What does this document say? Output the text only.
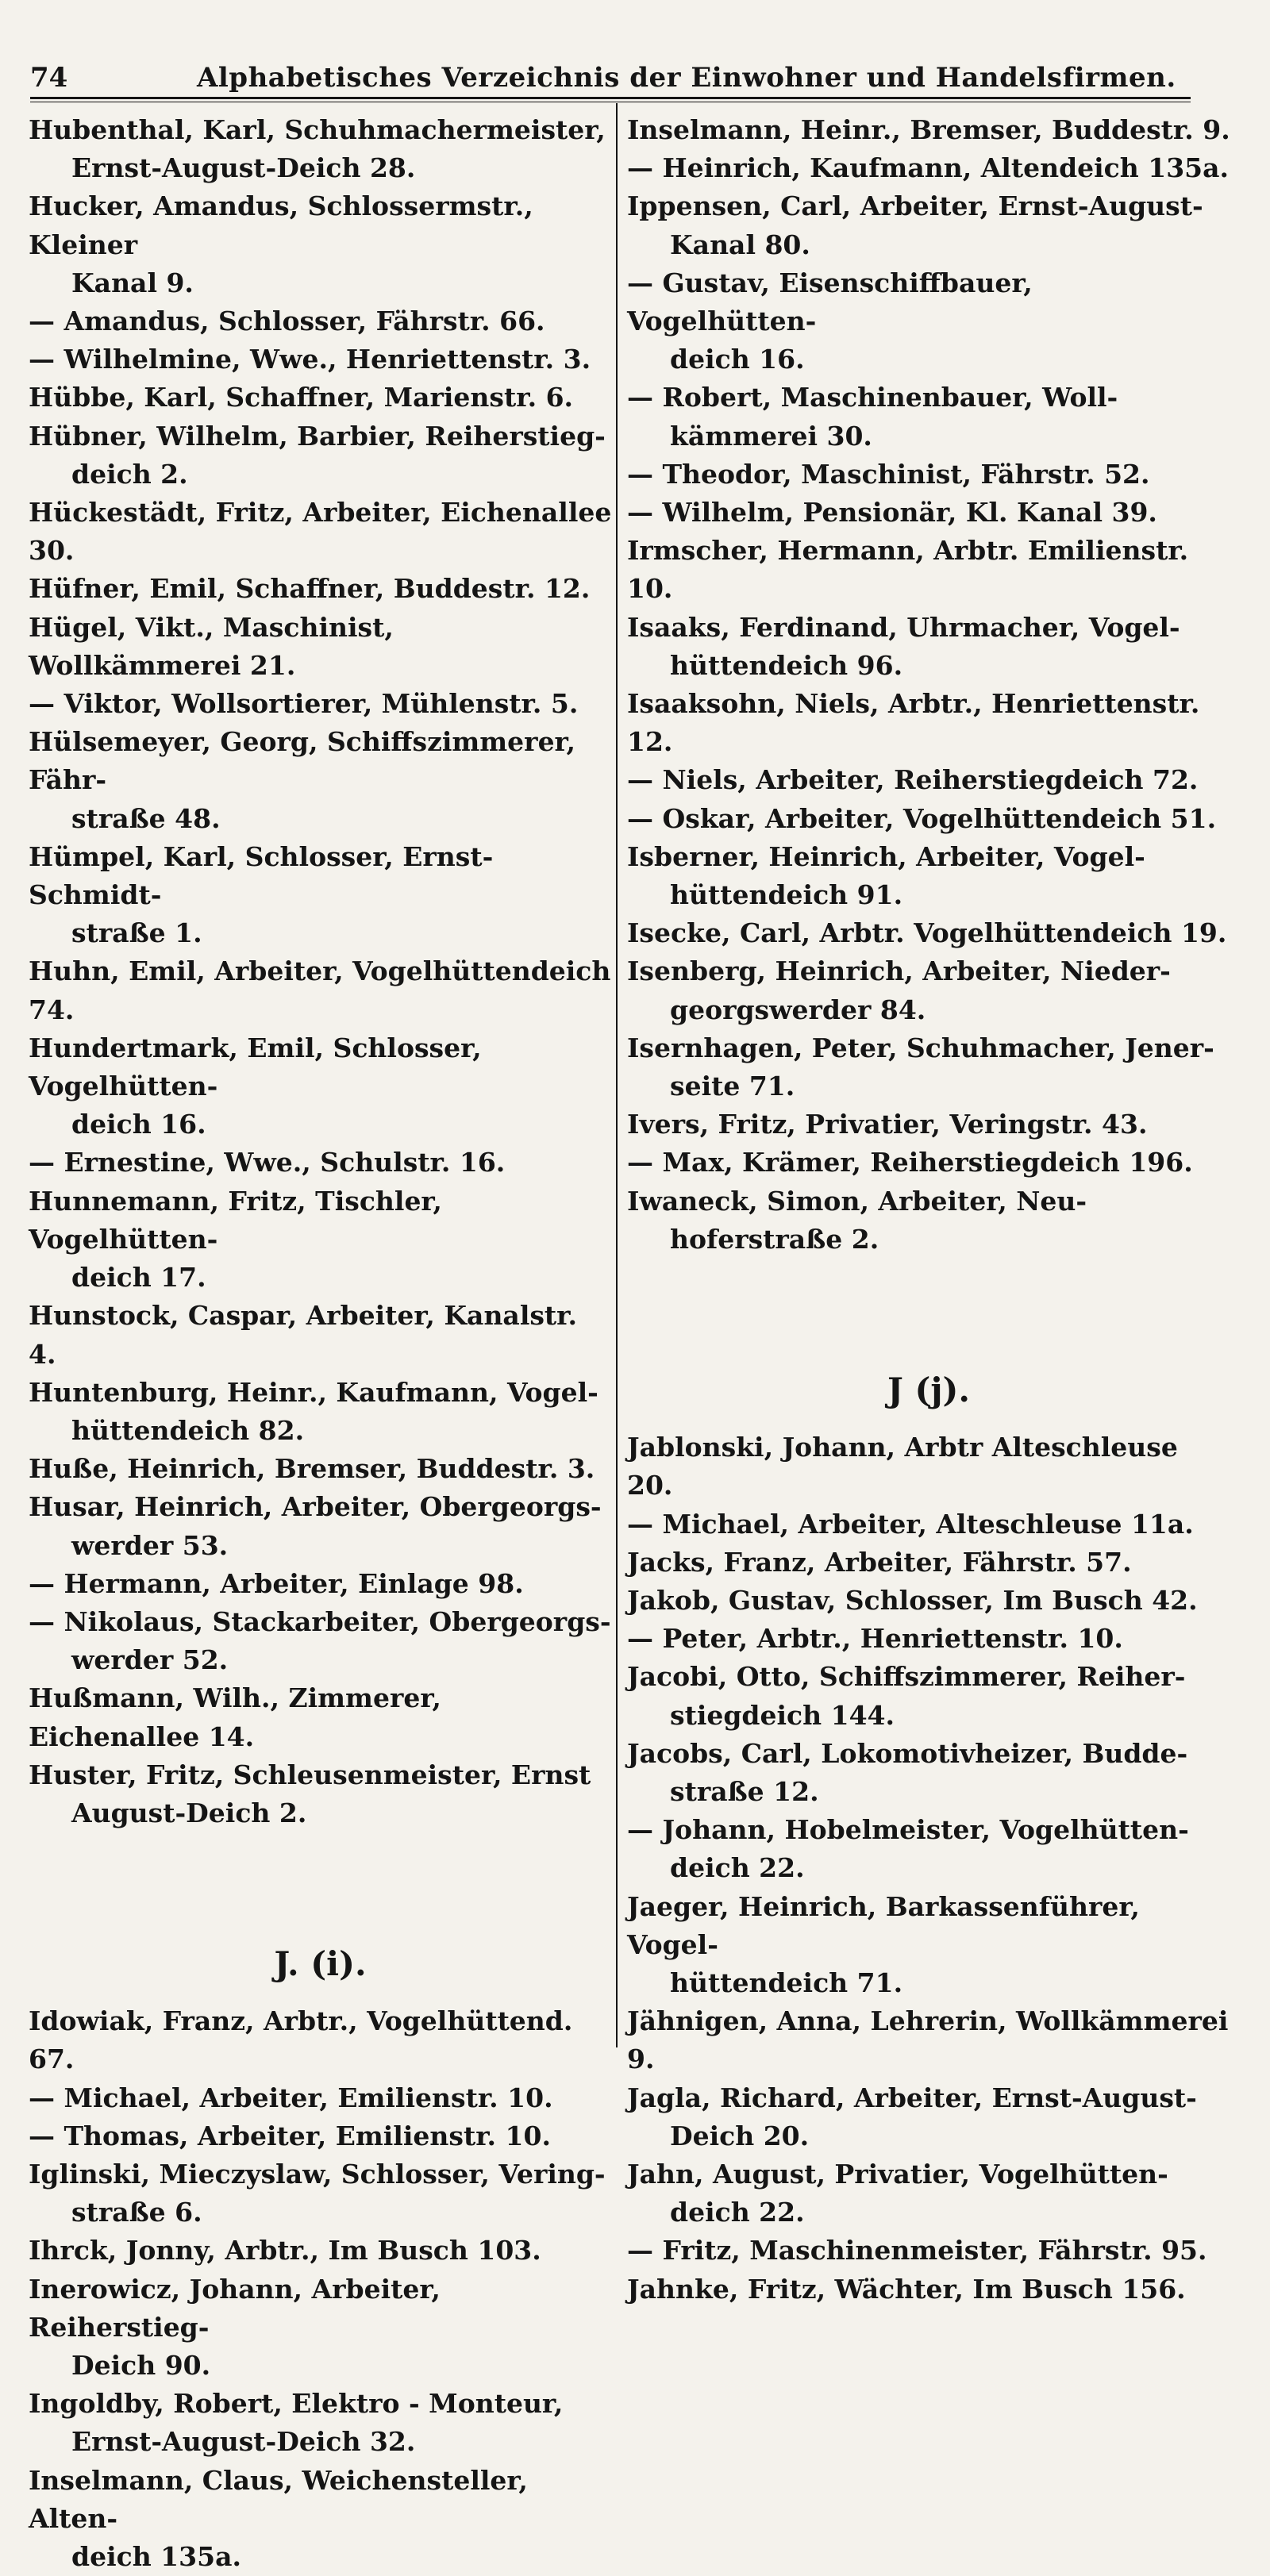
74	Alphabetisches Verzeichnis der Einwohner und Handelsfirmen.
Hubenthal, Karl, Schuhmachermeister,
Ernst-August-Deich 28.
Hucker, Amandus, Schlossermstr., Kleiner
Kanal 9.
— Amandus, Schlosser, Fährstr. 66.
— Wilhelmine, Wwe., Henriettenstr. 3.
Hübbe, Karl, Schaffner, Marienstr. 6.
Hübner, Wilhelm, Barbier, Reiherstieg-
deich 2.
Hückestädt, Fritz, Arbeiter, Eichenallee 30.
Hüfner, Emil, Schaffner, Buddestr. 12.
Hügel, Vikt., Maschinist, Wollkämmerei 21.
— Viktor, Wollsortierer, Mühlenstr. 5.
Hülsemeyer, Georg, Schiffszimmerer, Fähr-
straße 48.
Hümpel, Karl, Schlosser, Ernst-Schmidt-
straße 1.
Huhn, Emil, Arbeiter, Vogelhüttendeich 74.
Hundertmark, Emil, Schlosser, Vogelhütten-
deich 16.
— Ernestine, Wwe., Schulstr. 16.
Hunnemann, Fritz, Tischler, Vogelhütten-
deich 17.
Hunstock, Caspar, Arbeiter, Kanalstr. 4.
Huntenburg, Heinr., Kaufmann, Vogel-
hüttendeich 82.
Huße, Heinrich, Bremser, Buddestr. 3.
Husar, Heinrich, Arbeiter, Obergeorgs-
werder 53.
— Hermann, Arbeiter, Einlage 98.
— Nikolaus, Stackarbeiter, Obergeorgs-
werder 52.
Hußmann, Wilh., Zimmerer, Eichenallee 14.
Huster, Fritz, Schleusenmeister, Ernst
August-Deich 2.
J. (i).
Idowiak, Franz, Arbtr., Vogelhüttend. 67.
— Michael, Arbeiter, Emilienstr. 10.
— Thomas, Arbeiter, Emilienstr. 10.
Iglinski, Mieczyslaw, Schlosser, Vering-
straße 6.
Ihrck, Jonny, Arbtr., Im Busch 103.
Inerowicz, Johann, Arbeiter, Reiherstieg-
Deich 90.
Ingoldby, Robert, Elektro - Monteur,
Ernst-August-Deich 32.
Inselmann, Claus, Weichensteller, Alten-
deich 135a.
Inselmann, Heinr., Bremser, Buddestr. 9.
— Heinrich, Kaufmann, Altendeich 135a.
Ippensen, Carl, Arbeiter, Ernst-August-
Kanal 80.
— Gustav, Eisenschiffbauer, Vogelhütten-
deich 16.
— Robert, Maschinenbauer, Woll-
kämmerei 30.
— Theodor, Maschinist, Fährstr. 52.
— Wilhelm, Pensionär, Kl. Kanal 39.
Irmscher, Hermann, Arbtr. Emilienstr. 10.
Isaaks, Ferdinand, Uhrmacher, Vogel-
hüttendeich 96.
Isaaksohn, Niels, Arbtr., Henriettenstr. 12.
— Niels, Arbeiter, Reiherstiegdeich 72.
— Oskar, Arbeiter, Vogelhüttendeich 51.
Isberner, Heinrich, Arbeiter, Vogel-
hüttendeich 91.
Isecke, Carl, Arbtr. Vogelhüttendeich 19.
Isenberg, Heinrich, Arbeiter, Nieder-
georgswerder 84.
Isernhagen, Peter, Schuhmacher, Jener-
seite 71.
Ivers, Fritz, Privatier, Veringstr. 43.
— Max, Krämer, Reiherstiegdeich 196.
Iwaneck, Simon, Arbeiter, Neu-
hoferstraße 2.
J (j).
Jablonski, Johann, Arbtr Alteschleuse 20.
— Michael, Arbeiter, Alteschleuse 11a.
Jacks, Franz, Arbeiter, Fährstr. 57.
Jakob, Gustav, Schlosser, Im Busch 42.
— Peter, Arbtr., Henriettenstr. 10.
Jacobi, Otto, Schiffszimmerer, Reiher-
stiegdeich 144.
Jacobs, Carl, Lokomotivheizer, Budde-
straße 12.
— Johann, Hobelmeister, Vogelhütten-
deich 22.
Jaeger, Heinrich, Barkassenführer, Vogel-
hüttendeich 71.
Jähnigen, Anna, Lehrerin, Wollkämmerei 9.
Jagla, Richard, Arbeiter, Ernst-August-
Deich 20.
Jahn, August, Privatier, Vogelhütten-
deich 22.
— Fritz, Maschinenmeister, Fährstr. 95.
Jahnke, Fritz, Wächter, Im Busch 156.
